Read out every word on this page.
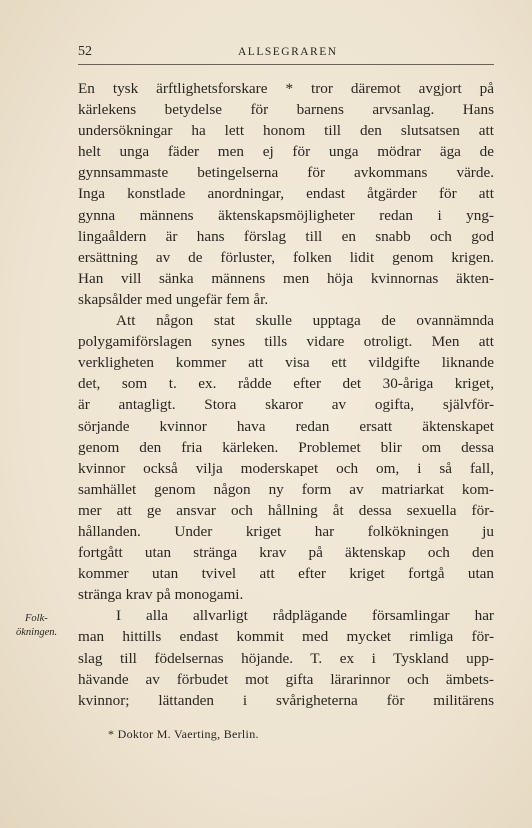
52	ALLSEGRAREN
En tysk ärftlighetsforskare * tror däremot avgjort på
kärlekens betydelse för barnens arvsanlag. Hans
undersökningar ha lett honom till den slutsatsen att
helt unga fäder men ej för unga mödrar äga de
gynnsammaste betingelserna för avkommans värde.
Inga konstlade anordningar, endast åtgärder för att
gynna männens äktenskapsmöjligheter redan i yng-
lingaåldern är hans förslag till en snabb och god
ersättning av de förluster, folken lidit genom krigen.
Han vill sänka männens men höja kvinnornas äkten-
skapsålder med ungefär fem år.
Att någon stat skulle upptaga de ovannämnda
polygamiförslagen synes tills vidare otroligt. Men att
verkligheten kommer att visa ett vildgifte liknande
det, som t. ex. rådde efter det 30-åriga kriget,
är antagligt. Stora skaror av ogifta, självför-
sörjande kvinnor hava redan ersatt äktenskapet
genom den fria kärleken. Problemet blir om dessa
kvinnor också vilja moderskapet och om, i så fall,
samhället genom någon ny form av matriarkat kom-
mer att ge ansvar och hållning åt dessa sexuella för-
hållanden. Under kriget har folkökningen ju
fortgått utan stränga krav på äktenskap och den
kommer utan tvivel att efter kriget fortgå utan
stränga krav på monogami.
I alla allvarligt rådplägande församlingar har
man hittills endast kommit med mycket rimliga för-
slag till födelsernas höjande. T. ex i Tyskland upp-
hävande av förbudet mot gifta lärarinnor och ämbets-
kvinnor; lättanden i svårigheterna för militärens
Folk-
ökningen.
* Doktor M. Vaerting, Berlin.
